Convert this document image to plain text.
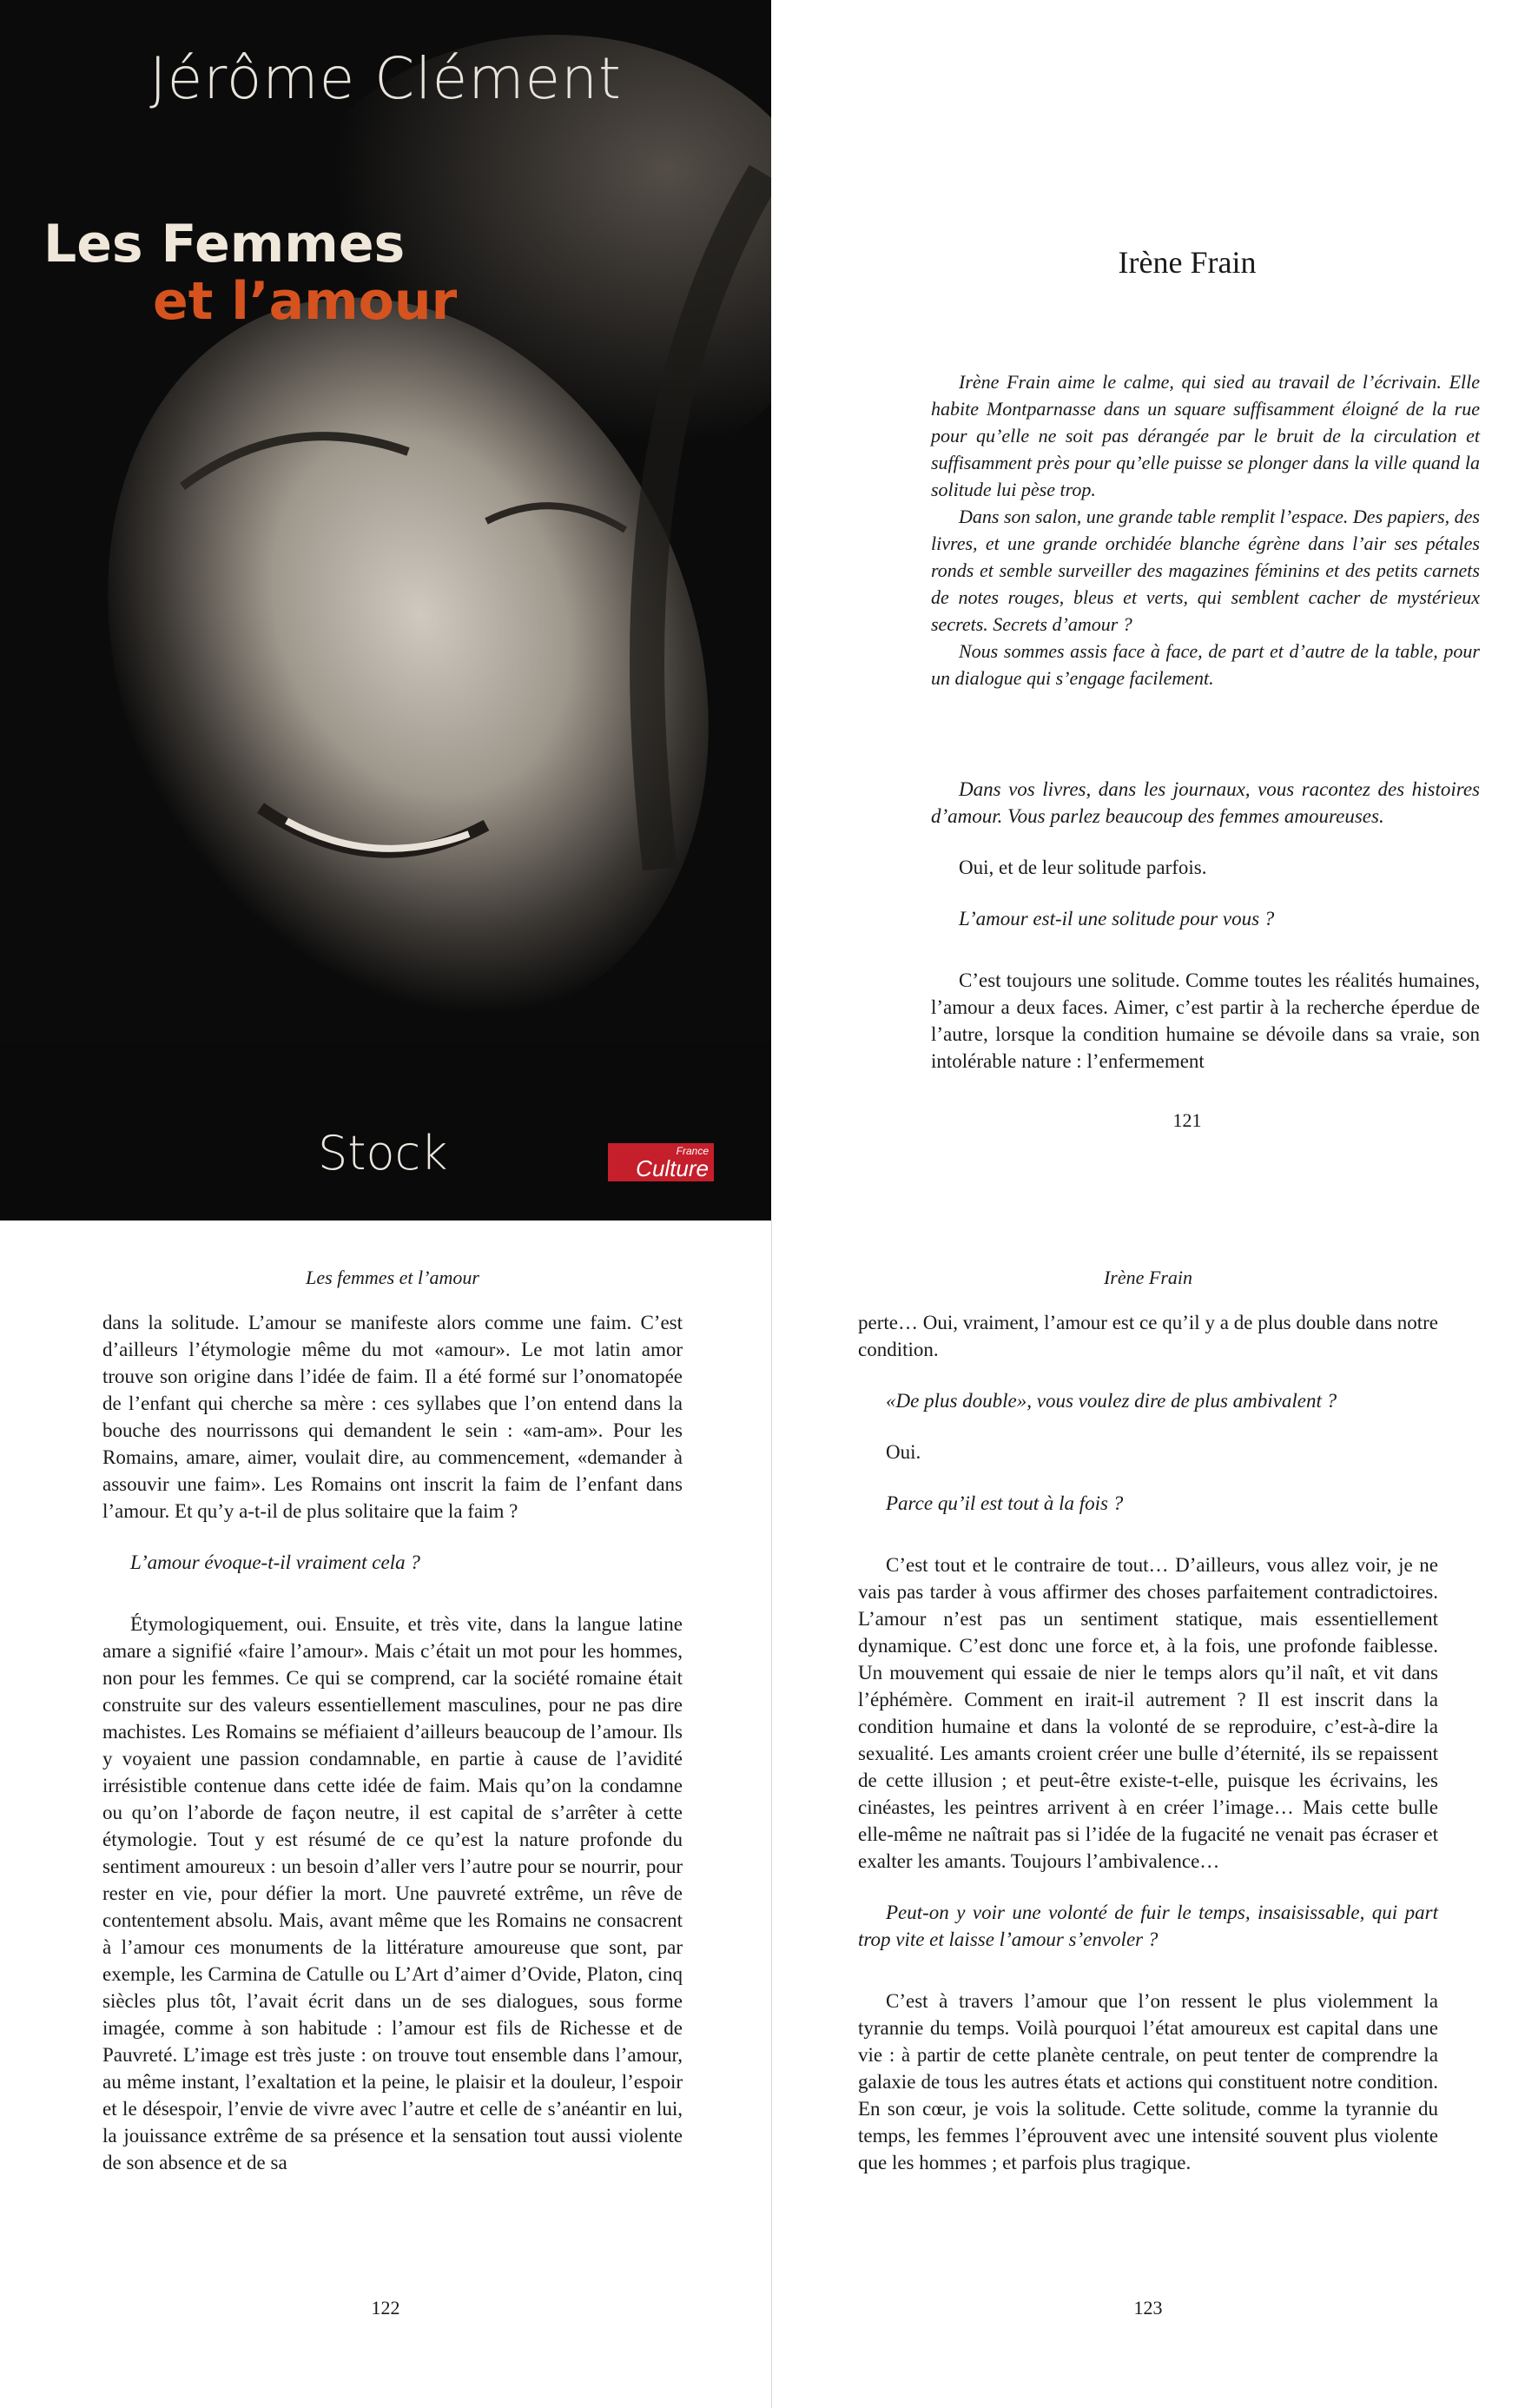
Jérôme Clément
Les Femmes
et l’amour
Stock	France
Culture
Irène Frain

Irène Frain aime le calme, qui sied au travail de l’écrivain. Elle habite Montparnasse dans un square suffisamment éloigné de la rue pour qu’elle ne soit pas dérangée par le bruit de la circulation et suffisamment près pour qu’elle puisse se plonger dans la ville quand la solitude lui pèse trop.

Dans son salon, une grande table remplit l’espace. Des papiers, des livres, et une grande orchidée blanche égrène dans l’air ses pétales ronds et semble surveiller des magazines féminins et des petits carnets de notes rouges, bleus et verts, qui semblent cacher de mystérieux secrets. Secrets d’amour ?

Nous sommes assis face à face, de part et d’autre de la table, pour un dialogue qui s’engage facilement.

Dans vos livres, dans les journaux, vous racontez des histoires d’amour. Vous parlez beaucoup des femmes amoureuses.

Oui, et de leur solitude parfois.

L’amour est-il une solitude pour vous ?

C’est toujours une solitude. Comme toutes les réalités humaines, l’amour a deux faces. Aimer, c’est partir à la recherche éperdue de l’autre, lorsque la condition humaine se dévoile dans sa vraie, son intolérable nature : l’enfermement

121
Les femmes et l’amour

dans la solitude. L’amour se manifeste alors comme une faim. C’est d’ailleurs l’étymologie même du mot «amour». Le mot latin amor trouve son origine dans l’idée de faim. Il a été formé sur l’onomatopée de l’enfant qui cherche sa mère : ces syllabes que l’on entend dans la bouche des nourrissons qui demandent le sein : «am-am». Pour les Romains, amare, aimer, voulait dire, au commencement, «demander à assouvir une faim». Les Romains ont inscrit la faim de l’enfant dans l’amour. Et qu’y a-t-il de plus solitaire que la faim ?

L’amour évoque-t-il vraiment cela ?

Étymologiquement, oui. Ensuite, et très vite, dans la langue latine amare a signifié «faire l’amour». Mais c’était un mot pour les hommes, non pour les femmes. Ce qui se comprend, car la société romaine était construite sur des valeurs essentiellement masculines, pour ne pas dire machistes. Les Romains se méfiaient d’ailleurs beaucoup de l’amour. Ils y voyaient une passion condamnable, en partie à cause de l’avidité irrésistible contenue dans cette idée de faim. Mais qu’on la condamne ou qu’on l’aborde de façon neutre, il est capital de s’arrêter à cette étymologie. Tout y est résumé de ce qu’est la nature profonde du sentiment amoureux : un besoin d’aller vers l’autre pour se nourrir, pour rester en vie, pour défier la mort. Une pauvreté extrême, un rêve de contentement absolu. Mais, avant même que les Romains ne consacrent à l’amour ces monuments de la littérature amoureuse que sont, par exemple, les Carmina de Catulle ou L’Art d’aimer d’Ovide, Platon, cinq siècles plus tôt, l’avait écrit dans un de ses dialogues, sous forme imagée, comme à son habitude : l’amour est fils de Richesse et de Pauvreté. L’image est très juste : on trouve tout ensemble dans l’amour, au même instant, l’exaltation et la peine, le plaisir et la douleur, l’espoir et le désespoir, l’envie de vivre avec l’autre et celle de s’anéantir en lui, la jouissance extrême de sa présence et la sensation tout aussi violente de son absence et de sa

122
Irène Frain

perte… Oui, vraiment, l’amour est ce qu’il y a de plus double dans notre condition.

«De plus double», vous voulez dire de plus ambivalent ?

Oui.

Parce qu’il est tout à la fois ?

C’est tout et le contraire de tout… D’ailleurs, vous allez voir, je ne vais pas tarder à vous affirmer des choses parfaitement contradictoires. L’amour n’est pas un sentiment statique, mais essentiellement dynamique. C’est donc une force et, à la fois, une profonde faiblesse. Un mouvement qui essaie de nier le temps alors qu’il naît, et vit dans l’éphémère. Comment en irait-il autrement ? Il est inscrit dans la condition humaine et dans la volonté de se reproduire, c’est-à-dire la sexualité. Les amants croient créer une bulle d’éternité, ils se repaissent de cette illusion ; et peut-être existe-t-elle, puisque les écrivains, les cinéastes, les peintres arrivent à en créer l’image… Mais cette bulle elle-même ne naîtrait pas si l’idée de la fugacité ne venait pas écraser et exalter les amants. Toujours l’ambivalence…

Peut-on y voir une volonté de fuir le temps, insaisissable, qui part trop vite et laisse l’amour s’envoler ?

C’est à travers l’amour que l’on ressent le plus violemment la tyrannie du temps. Voilà pourquoi l’état amoureux est capital dans une vie : à partir de cette planète centrale, on peut tenter de comprendre la galaxie de tous les autres états et actions qui constituent notre condition. En son cœur, je vois la solitude. Cette solitude, comme la tyrannie du temps, les femmes l’éprouvent avec une intensité souvent plus violente que les hommes ; et parfois plus tragique.

123
